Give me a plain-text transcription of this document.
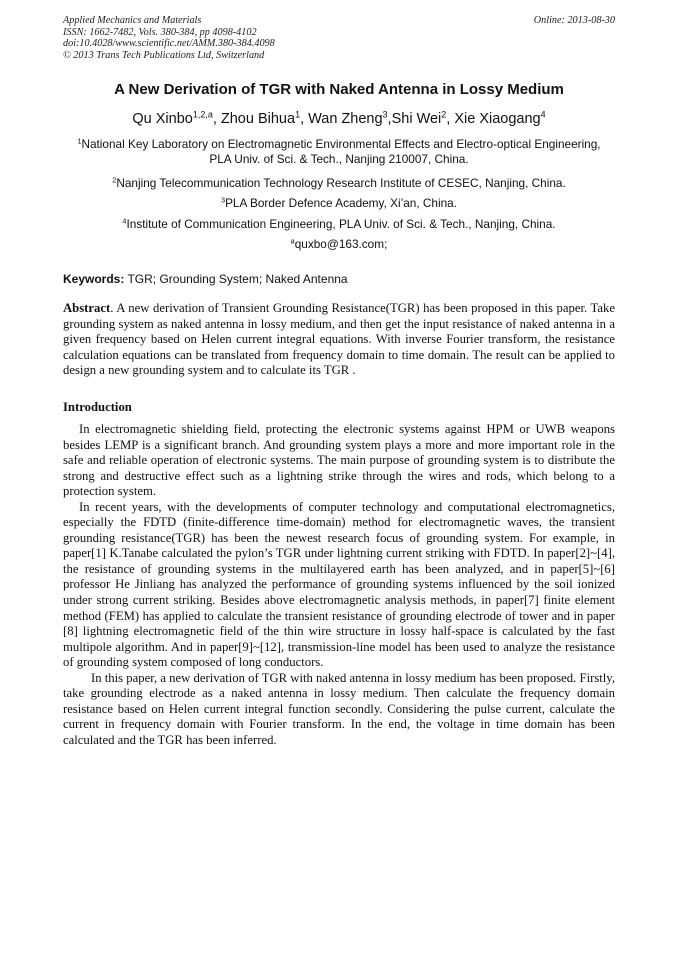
Applied Mechanics and Materials
ISSN: 1662-7482, Vols. 380-384, pp 4098-4102
doi:10.4028/www.scientific.net/AMM.380-384.4098
© 2013 Trans Tech Publications Ltd, Switzerland
Online: 2013-08-30
A New Derivation of TGR with Naked Antenna in Lossy Medium
Qu Xinbo$^{1,2,a}$, Zhou Bihua$^1$, Wan Zheng$^3$,Shi Wei$^2$, Xie Xiaogang$^4$
$^1$National Key Laboratory on Electromagnetic Environmental Effects and Electro-optical Engineering,
PLA Univ. of Sci. & Tech., Nanjing 210007, China.
$^2$Nanjing Telecommunication Technology Research Institute of CESEC, Nanjing, China.
$^3$PLA Border Defence Academy, Xi’an, China.
$^4$Institute of Communication Engineering, PLA Univ. of Sci. & Tech., Nanjing, China.
$^a$quxbo@163.com;
Keywords: TGR; Grounding System; Naked Antenna
Abstract. A new derivation of Transient Grounding Resistance(TGR) has been proposed in this paper. Take grounding system as naked antenna in lossy medium, and then get the input resistance of naked antenna in a given frequency based on Helen current integral equations. With inverse Fourier transform, the resistance calculation equations can be translated from frequency domain to time domain. The result can be applied to design a new grounding system and to calculate its TGR .
Introduction

In electromagnetic shielding field, protecting the electronic systems against HPM or UWB weapons besides LEMP is a significant branch. And grounding system plays a more and more important role in the safe and reliable operation of electronic systems. The main purpose of grounding system is to distribute the strong and destructive effect such as a lightning strike through the wires and rods, which belong to a protection system.

In recent years, with the developments of computer technology and computational electromagnetics, especially the FDTD (finite-difference time-domain) method for electromagnetic waves, the transient grounding resistance(TGR) has been the newest research focus of grounding system. For example, in paper[1] K.Tanabe calculated the pylon’s TGR under lightning current striking with FDTD. In paper[2]~[4], the resistance of grounding systems in the multilayered earth has been analyzed, and in paper[5]~[6] professor He Jinliang has analyzed the performance of grounding systems influenced by the soil ionized under strong current striking. Besides above electromagnetic analysis methods, in paper[7] finite element method (FEM) has applied to calculate the transient resistance of grounding electrode of tower and in paper [8] lightning electromagnetic field of the thin wire structure in lossy half-space is calculated by the fast multipole algorithm. And in paper[9]~[12], transmission-line model has been used to analyze the resistance of grounding system composed of long conductors.

In this paper, a new derivation of TGR with naked antenna in lossy medium has been proposed. Firstly, take grounding electrode as a naked antenna in lossy medium. Then calculate the frequency domain resistance based on Helen current integral function secondly. Considering the pulse current, calculate the current in frequency domain with Fourier transform. In the end, the voltage in time domain has been calculated and the TGR has been inferred.
